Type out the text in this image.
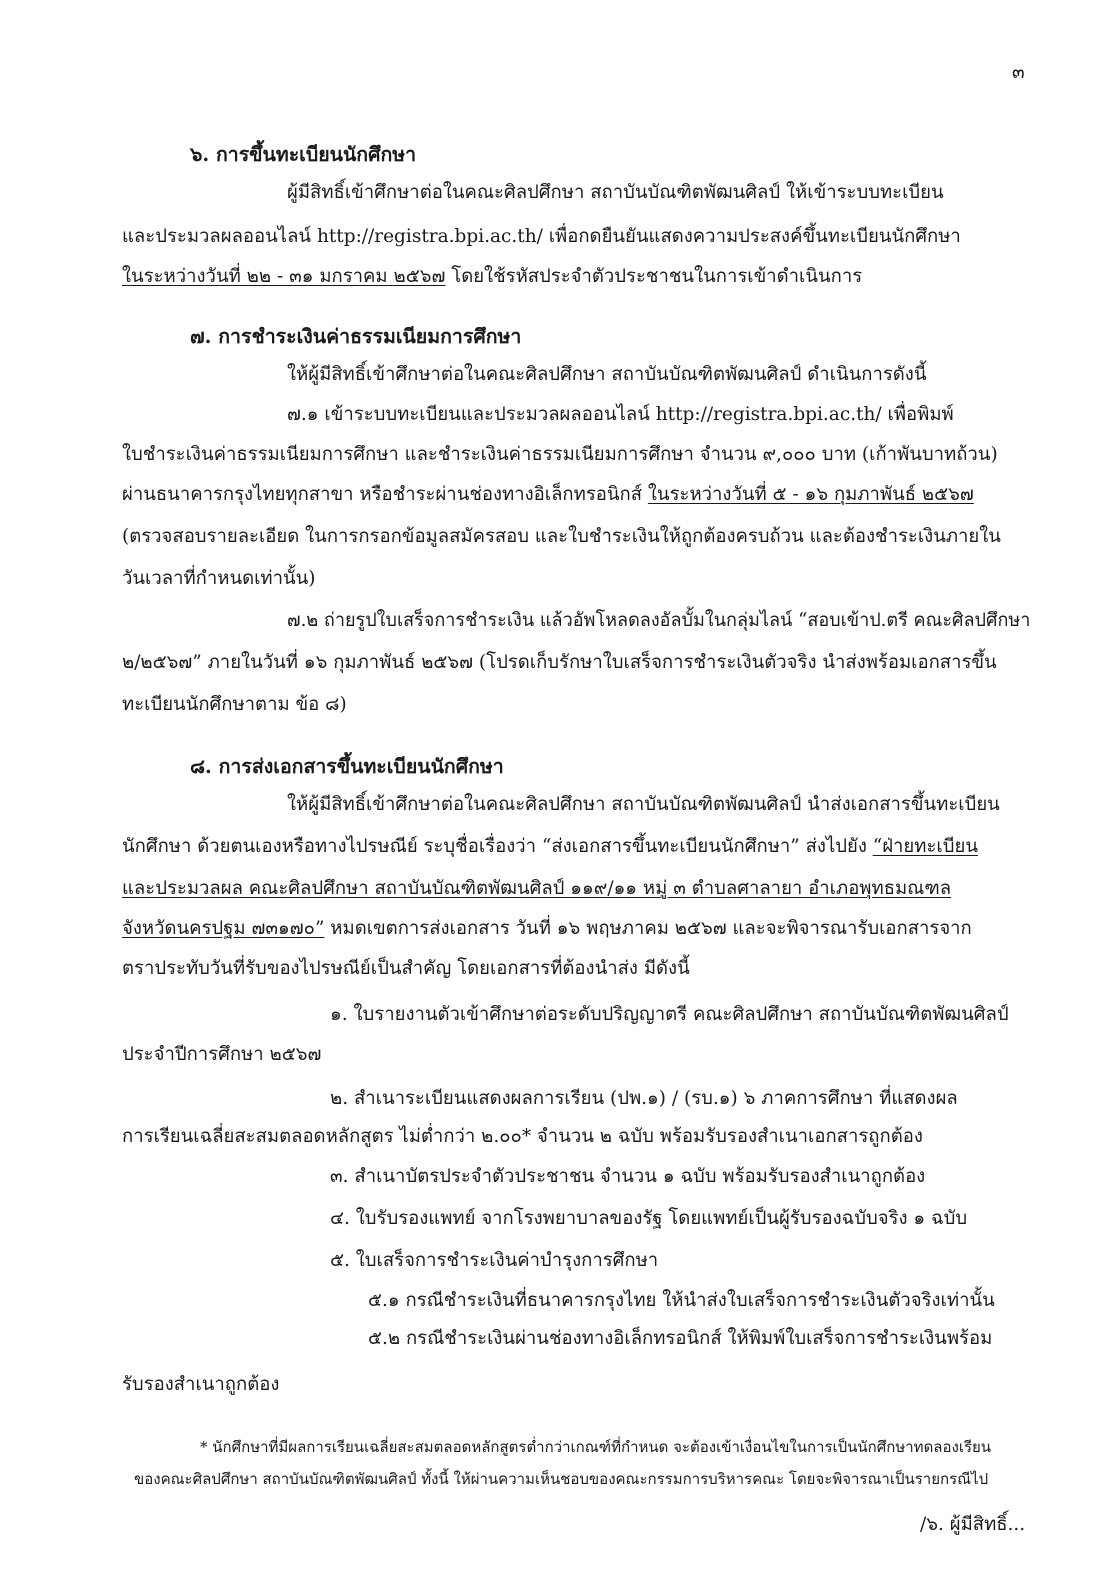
๓
๖. การขึ้นทะเบียนนักศึกษา
ผู้มีสิทธิ์เข้าศึกษาต่อในคณะศิลปศึกษา สถาบันบัณฑิตพัฒนศิลป์ ให้เข้าระบบทะเบียน
และประมวลผลออนไลน์ http://registra.bpi.ac.th/ เพื่อกดยืนยันแสดงความประสงค์ขึ้นทะเบียนนักศึกษา
ในระหว่างวันที่ ๒๒ - ๓๑ มกราคม ๒๕๖๗ โดยใช้รหัสประจำตัวประชาชนในการเข้าดำเนินการ
๗. การชำระเงินค่าธรรมเนียมการศึกษา
ให้ผู้มีสิทธิ์เข้าศึกษาต่อในคณะศิลปศึกษา สถาบันบัณฑิตพัฒนศิลป์ ดำเนินการดังนี้
๗.๑ เข้าระบบทะเบียนและประมวลผลออนไลน์ http://registra.bpi.ac.th/ เพื่อพิมพ์
ใบชำระเงินค่าธรรมเนียมการศึกษา และชำระเงินค่าธรรมเนียมการศึกษา จำนวน ๙,๐๐๐ บาท (เก้าพันบาทถ้วน)
ผ่านธนาคารกรุงไทยทุกสาขา หรือชำระผ่านช่องทางอิเล็กทรอนิกส์ ในระหว่างวันที่ ๕ - ๑๖ กุมภาพันธ์ ๒๕๖๗
(ตรวจสอบรายละเอียด ในการกรอกข้อมูลสมัครสอบ และใบชำระเงินให้ถูกต้องครบถ้วน และต้องชำระเงินภายใน
วันเวลาที่กำหนดเท่านั้น)
๗.๒ ถ่ายรูปใบเสร็จการชำระเงิน แล้วอัพโหลดลงอัลบั้มในกลุ่มไลน์ “สอบเข้าป.ตรี คณะศิลปศึกษา
๒/๒๕๖๗” ภายในวันที่ ๑๖ กุมภาพันธ์ ๒๕๖๗ (โปรดเก็บรักษาใบเสร็จการชำระเงินตัวจริง นำส่งพร้อมเอกสารขึ้น
ทะเบียนนักศึกษาตาม ข้อ ๘)
๘. การส่งเอกสารขึ้นทะเบียนนักศึกษา
ให้ผู้มีสิทธิ์เข้าศึกษาต่อในคณะศิลปศึกษา สถาบันบัณฑิตพัฒนศิลป์ นำส่งเอกสารขึ้นทะเบียน
นักศึกษา ด้วยตนเองหรือทางไปรษณีย์ ระบุชื่อเรื่องว่า “ส่งเอกสารขึ้นทะเบียนนักศึกษา” ส่งไปยัง “ฝ่ายทะเบียน
และประมวลผล คณะศิลปศึกษา สถาบันบัณฑิตพัฒนศิลป์ ๑๑๙/๑๑ หมู่ ๓ ตำบลศาลายา อำเภอพุทธมณฑล
จังหวัดนครปฐม ๗๓๑๗๐” หมดเขตการส่งเอกสาร วันที่ ๑๖ พฤษภาคม ๒๕๖๗ และจะพิจารณารับเอกสารจาก
ตราประทับวันที่รับของไปรษณีย์เป็นสำคัญ โดยเอกสารที่ต้องนำส่ง มีดังนี้
๑. ใบรายงานตัวเข้าศึกษาต่อระดับปริญญาตรี คณะศิลปศึกษา สถาบันบัณฑิตพัฒนศิลป์
ประจำปีการศึกษา ๒๕๖๗
๒. สำเนาระเบียนแสดงผลการเรียน (ปพ.๑) / (รบ.๑) ๖ ภาคการศึกษา ที่แสดงผล
การเรียนเฉลี่ยสะสมตลอดหลักสูตร ไม่ต่ำกว่า ๒.๐๐* จำนวน ๒ ฉบับ พร้อมรับรองสำเนาเอกสารถูกต้อง
๓. สำเนาบัตรประจำตัวประชาชน จำนวน ๑ ฉบับ พร้อมรับรองสำเนาถูกต้อง
๔. ใบรับรองแพทย์ จากโรงพยาบาลของรัฐ โดยแพทย์เป็นผู้รับรองฉบับจริง ๑ ฉบับ
๕. ใบเสร็จการชำระเงินค่าบำรุงการศึกษา
๕.๑ กรณีชำระเงินที่ธนาคารกรุงไทย ให้นำส่งใบเสร็จการชำระเงินตัวจริงเท่านั้น
๕.๒ กรณีชำระเงินผ่านช่องทางอิเล็กทรอนิกส์ ให้พิมพ์ใบเสร็จการชำระเงินพร้อม
รับรองสำเนาถูกต้อง
* นักศึกษาที่มีผลการเรียนเฉลี่ยสะสมตลอดหลักสูตรต่ำกว่าเกณฑ์ที่กำหนด จะต้องเข้าเงื่อนไขในการเป็นนักศึกษาทดลองเรียน
ของคณะศิลปศึกษา สถาบันบัณฑิตพัฒนศิลป์ ทั้งนี้ ให้ผ่านความเห็นชอบของคณะกรรมการบริหารคณะ โดยจะพิจารณาเป็นรายกรณีไป
/๖. ผู้มีสิทธิ์...
